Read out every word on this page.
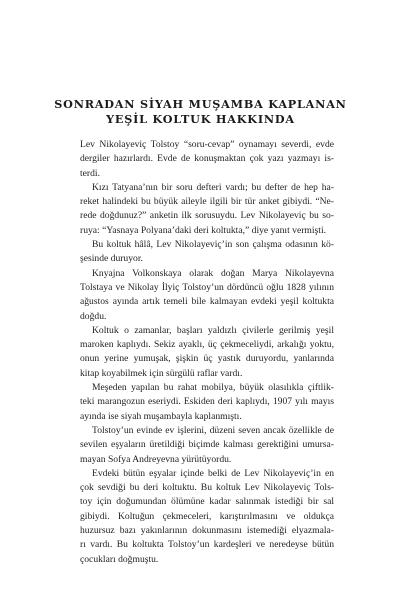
SONRADAN SİYAH MUŞAMBA KAPLANAN
YEŞİL KOLTUK HAKKINDA
Lev Nikolayeviç Tolstoy “soru-cevap” oynamayı severdi, evde
dergiler hazırlardı. Evde de konuşmaktan çok yazı yazmayı is-
terdi.
Kızı Tatyana’nın bir soru defteri vardı; bu defter de hep ha-
reket halindeki bu büyük aileyle ilgili bir tür anket gibiydi. “Ne-
rede doğdunuz?” anketin ilk sorusuydu. Lev Nikolayeviç bu so-
ruya: “Yasnaya Polyana’daki deri koltukta,” diye yanıt vermişti.
Bu koltuk hâlâ, Lev Nikolayeviç’in son çalışma odasının kö-
şesinde duruyor.
Knyajna Volkonskaya olarak doğan Marya Nikolayevna
Tolstaya ve Nikolay İlyiç Tolstoy’un dördüncü oğlu 1828 yılının
ağustos ayında artık temeli bile kalmayan evdeki yeşil koltukta
doğdu.
Koltuk o zamanlar, başları yaldızlı çivilerle gerilmiş yeşil
maroken kaplıydı. Sekiz ayaklı, üç çekmeceliydi, arkalığı yoktu,
onun yerine yumuşak, şişkin üç yastık duruyordu, yanlarında
kitap koyabilmek için sürgülü raflar vardı.
Meşeden yapılan bu rahat mobilya, büyük olasılıkla çiftlik-
teki marangozun eseriydi. Eskiden deri kaplıydı, 1907 yılı mayıs
ayında ise siyah muşambayla kaplanmıştı.
Tolstoy’un evinde ev işlerini, düzeni seven ancak özellikle de
sevilen eşyaların üretildiği biçimde kalması gerektiğini umursa-
mayan Sofya Andreyevna yürütüyordu.
Evdeki bütün eşyalar içinde belki de Lev Nikolayeviç’in en
çok sevdiği bu deri koltuktu. Bu koltuk Lev Nikolayeviç Tols-
toy için doğumundan ölümüne kadar salınmak istediği bir sal
gibiydi. Koltuğun çekmeceleri, karıştırılmasını ve oldukça
huzursuz bazı yakınlarının dokunmasını istemediği elyazmala-
rı vardı. Bu koltukta Tolstoy’un kardeşleri ve neredeyse bütün
çocukları doğmuştu.
